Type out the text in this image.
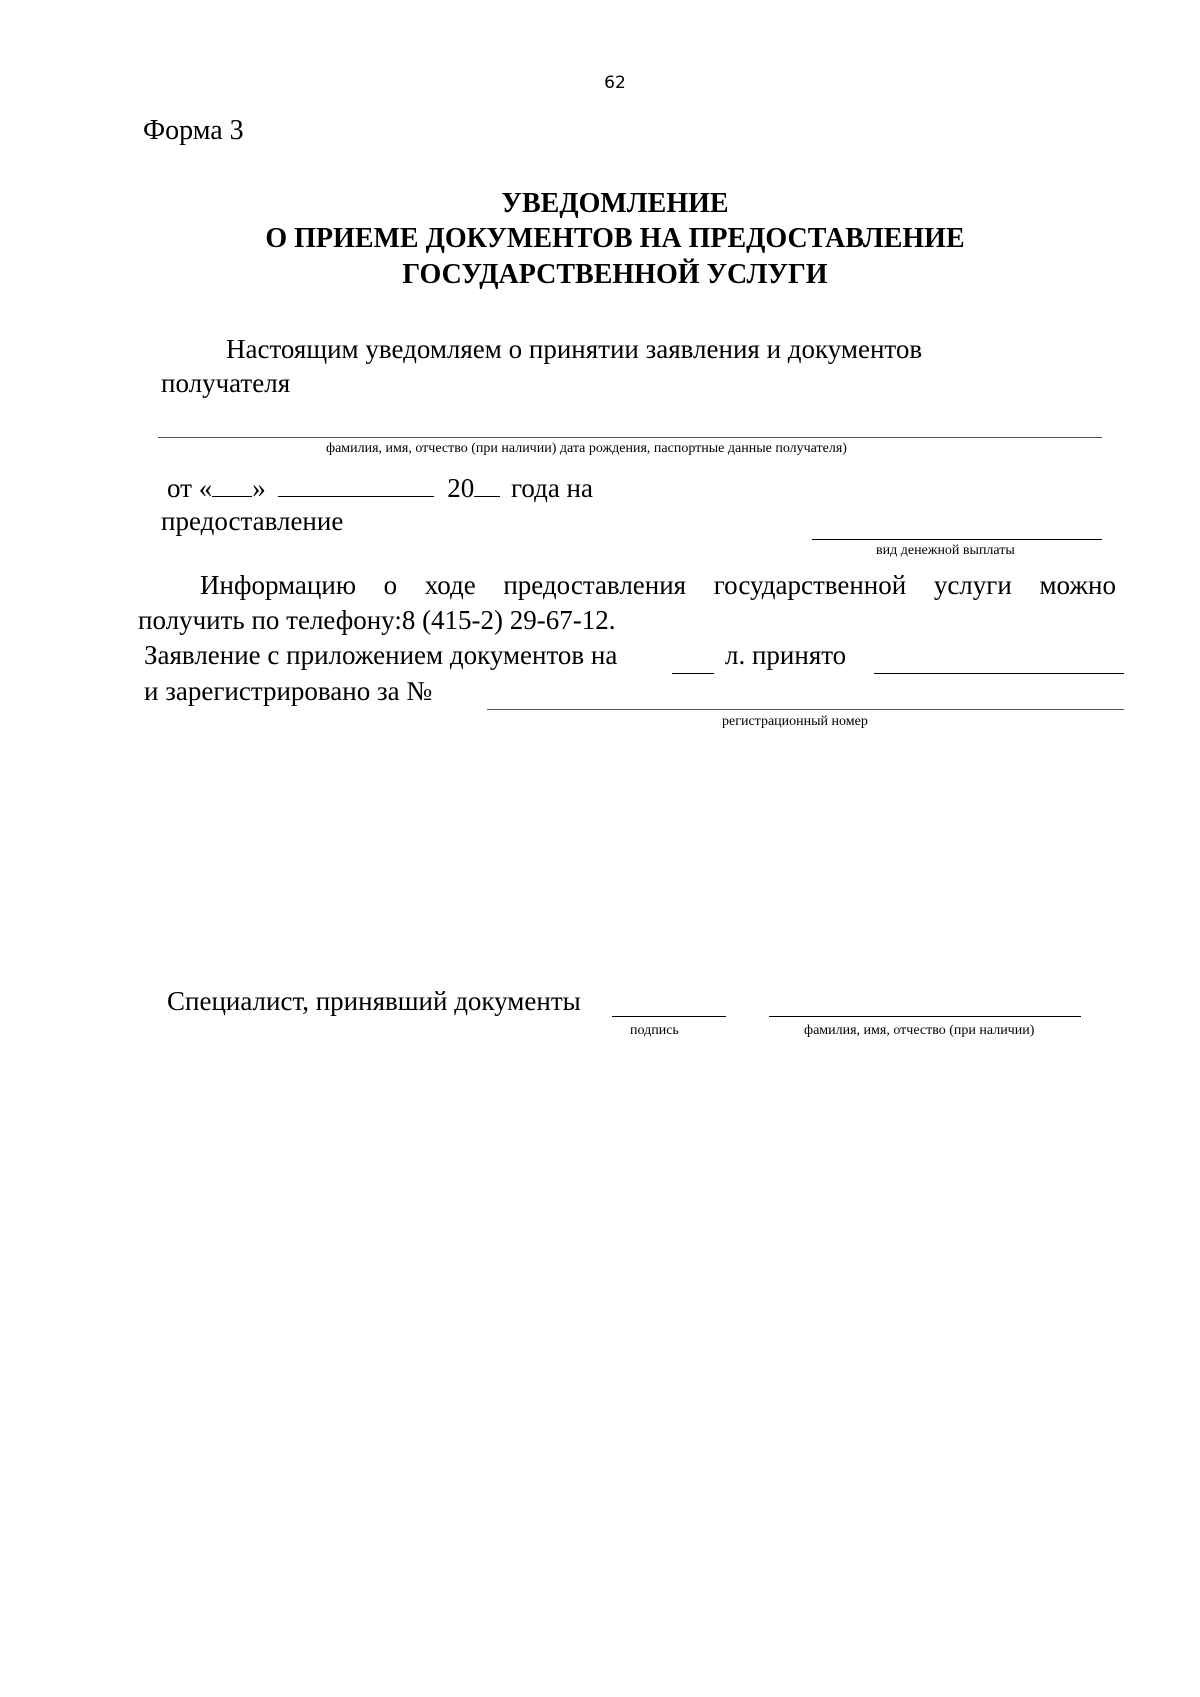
62
Форма 3
УВЕДОМЛЕНИЕ
О ПРИЕМЕ ДОКУМЕНТОВ НА ПРЕДОСТАВЛЕНИЕ
ГОСУДАРСТВЕННОЙ УСЛУГИ
Настоящим уведомляем о принятии заявления и документов
получателя
фамилия, имя, отчество (при наличии) дата рождения, паспортные данные получателя)
от « »	20 года на
предоставление
вид денежной выплаты
Информацию о ходе предоставления государственной услуги можно
получить по телефону:8 (415-2) 29-67-12.
Заявление с приложением документов на	л. принято
и зарегистрировано за №
регистрационный номер
Специалист, принявший документы
подпись	фамилия, имя, отчество (при наличии)
